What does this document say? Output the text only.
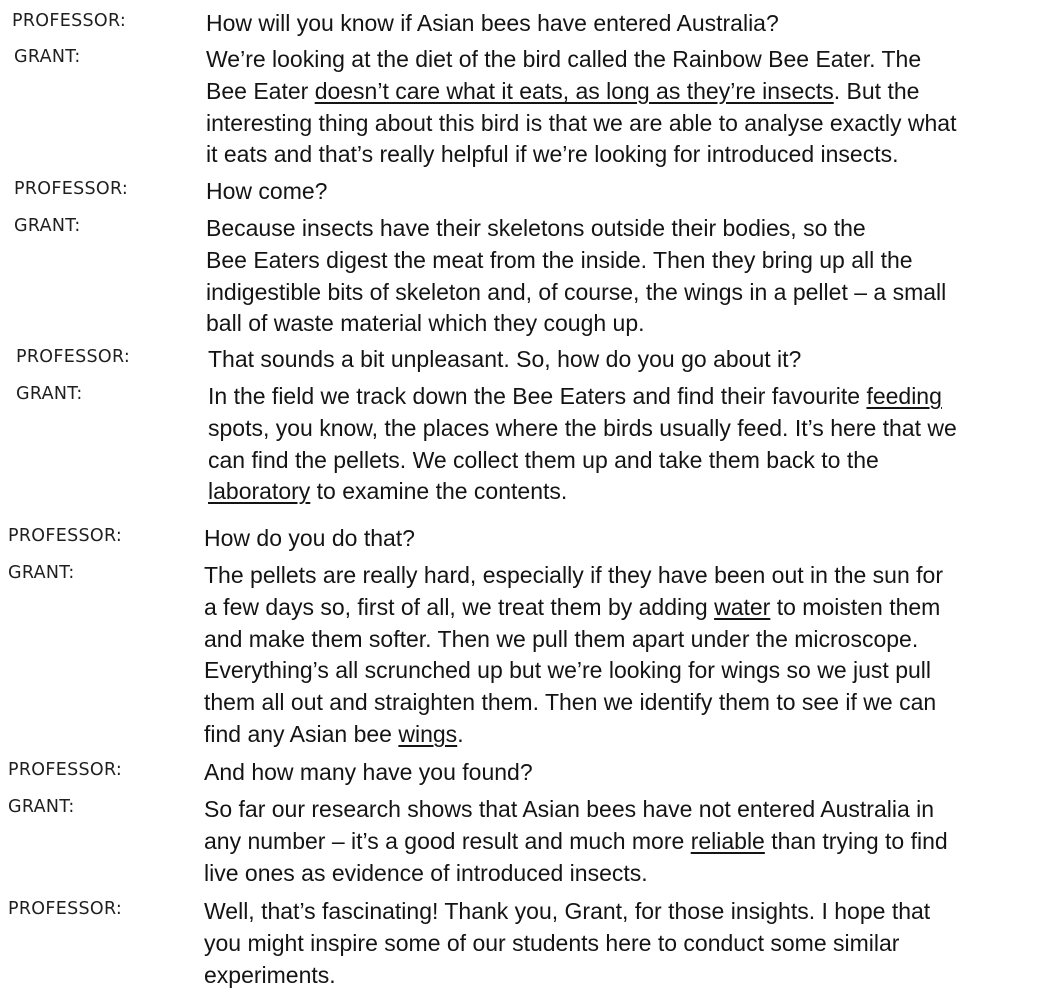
PROFESSOR:	How will you know if Asian bees have entered Australia?
GRANT:	We’re looking at the diet of the bird called the Rainbow Bee Eater. The
Bee Eater doesn’t care what it eats, as long as they’re insects. But the
interesting thing about this bird is that we are able to analyse exactly what
it eats and that’s really helpful if we’re looking for introduced insects.
PROFESSOR:	How come?
GRANT:	Because insects have their skeletons outside their bodies, so the
Bee Eaters digest the meat from the inside. Then they bring up all the
indigestible bits of skeleton and, of course, the wings in a pellet – a small
ball of waste material which they cough up.
PROFESSOR:	That sounds a bit unpleasant. So, how do you go about it?
GRANT:	In the field we track down the Bee Eaters and find their favourite feeding
spots, you know, the places where the birds usually feed. It’s here that we
can find the pellets. We collect them up and take them back to the
laboratory to examine the contents.
PROFESSOR:	How do you do that?
GRANT:	The pellets are really hard, especially if they have been out in the sun for
a few days so, first of all, we treat them by adding water to moisten them
and make them softer. Then we pull them apart under the microscope.
Everything’s all scrunched up but we’re looking for wings so we just pull
them all out and straighten them. Then we identify them to see if we can
find any Asian bee wings.
PROFESSOR:	And how many have you found?
GRANT:	So far our research shows that Asian bees have not entered Australia in
any number – it’s a good result and much more reliable than trying to find
live ones as evidence of introduced insects.
PROFESSOR:	Well, that’s fascinating! Thank you, Grant, for those insights. I hope that
you might inspire some of our students here to conduct some similar
experiments.
